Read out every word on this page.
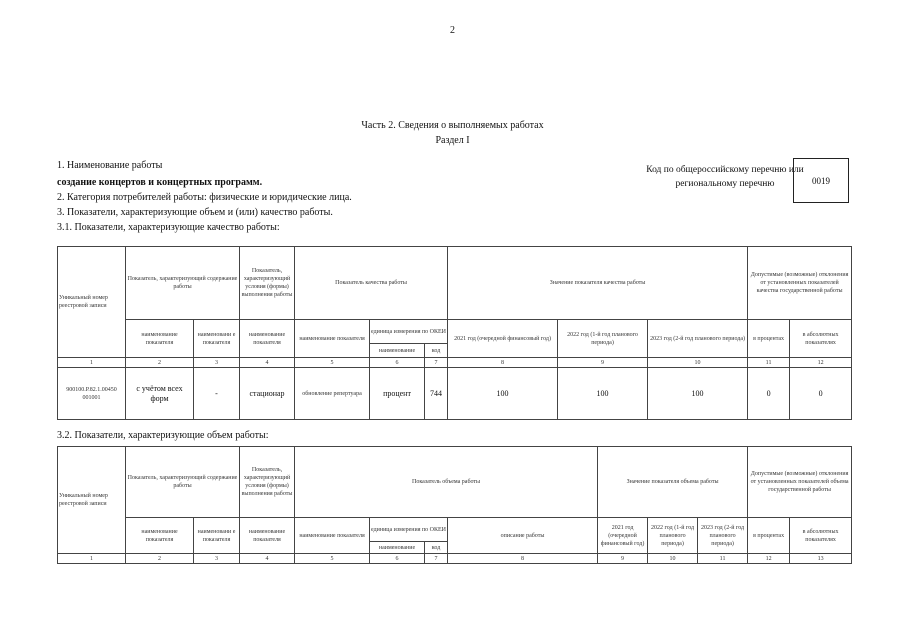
2
Часть 2. Сведения о выполняемых работах
Раздел I
1. Наименование работы
создание концертов и концертных программ.
2. Категория потребителей работы: физические и юридические лица.
3. Показатели, характеризующие объем и (или) качество работы.
3.1. Показатели, характеризующие качество работы:
Код по общероссийскому перечню или региональному перечню	0019
Уникальный номер реестровой записи	Показатель, характеризующий содержание работы		Показатель, характеризующий условия (формы) выполнения работы	Показатель качества работы			Значение показателя качества работы			Допустимые (возможные) отклонения от установленных показателей качества государственной работы	
	наименование показателя	наименовани е показателя	наименование показателя	наименование показателя	единица измерения по ОКЕИ		2021 год (очередной финансовый год)	2022 год (1-й год планового периода)	2023 год (2-й год планового периода)	в процентах	в абсолютных показателях
					наименование	код					
1	2	3	4	5	6	7	8	9	10	11	12
900100.Р.82.1.00450 001001	с учётом всех форм	-	стационар	обновление репертуара	процент	744	100	100	100	0	0
3.2. Показатели, характеризующие объем работы:
Уникальный номер реестровой записи	Показатель, характеризующий содержание работы		Показатель, характеризующий условия (формы) выполнения работы	Показатель объема работы				Значение показателя объема работы			Допустимые (возможные) отклонения от установленных показателей объема государственной работы	
	наименование показателя	наименовани е показателя	наименование показателя	наименование показателя	единица измерения по ОКЕИ		описание работы	2021 год (очередной финансовый год)	2022 год (1-й год планового периода)	2023 год (2-й год планового периода)	в процентах	в абсолютных показателях
					наименование	код						
1	2	3	4	5	6	7	8	9	10	11	12	13
